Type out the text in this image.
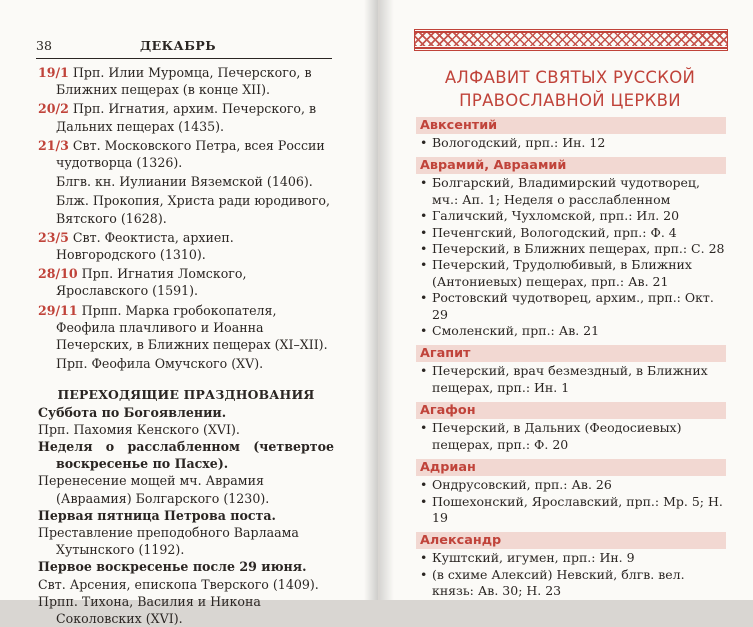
38	ДЕКАБРЬ

19/1 Прп. Илии Муромца, Печерского, в Ближних пещерах (в конце XII).

20/2 Прп. Игнатия, архим. Печерского, в Дальних пещерах (1435).

21/3 Свт. Московского Петра, всея России чудотворца (1326).

Блгв. кн. Иулиании Вяземской (1406).

Блж. Прокопия, Христа ради юродивого, Вятского (1628).

23/5 Свт. Феоктиста, архиеп. Новгородского (1310).

28/10 Прп. Игнатия Ломского, Ярославского (1591).

29/11 Прпп. Марка гробокопателя, Феофила плачливого и Иоанна Печерских, в Ближних пещерах (XI–XII).

Прп. Феофила Омучского (XV).

ПЕРЕХОДЯЩИЕ ПРАЗДНОВАНИЯ

Суббота по Богоявлении.

Прп. Пахомия Кенского (XVI).

Неделя о расслабленном (четвертое воскресенье по Пасхе).

Перенесение мощей мч. Аврамия (Авраамия) Болгарского (1230).

Первая пятница Петрова поста.

Преставление преподобного Варлаама Хутынского (1192).

Первое воскресенье после 29 июня.

Свт. Арсения, епископа Тверского (1409).

Прпп. Тихона, Василия и Никона Соколовских (XVI).

АЛФАВИТ СВЯТЫХ РУССКОЙ
ПРАВОСЛАВНОЙ ЦЕРКВИ
Авксентий
• Вологодский, прп.: Ин. 12
Аврамий, Авраамий
• Болгарский, Владимирский чудотворец, мч.: Ап. 1; Неделя о расслабленном
• Галичский, Чухломской, прп.: Ил. 20
• Печенгский, Вологодский, прп.: Ф. 4
• Печерский, в Ближних пещерах, прп.: С. 28
• Печерский, Трудолюбивый, в Ближних (Антониевых) пещерах, прп.: Ав. 21
• Ростовский чудотворец, архим., прп.: Окт. 29
• Смоленский, прп.: Ав. 21
Агапит
• Печерский, врач безмездный, в Ближних пещерах, прп.: Ин. 1
Агафон
• Печерский, в Дальних (Феодосиевых) пещерах, прп.: Ф. 20
Адриан
• Ондрусовский, прп.: Ав. 26
• Пошехонский, Ярославский, прп.: Мр. 5; Н. 19
Александр
• Куштский, игумен, прп.: Ин. 9
• (в схиме Алексий) Невский, блгв. вел. князь: Ав. 30; Н. 23
